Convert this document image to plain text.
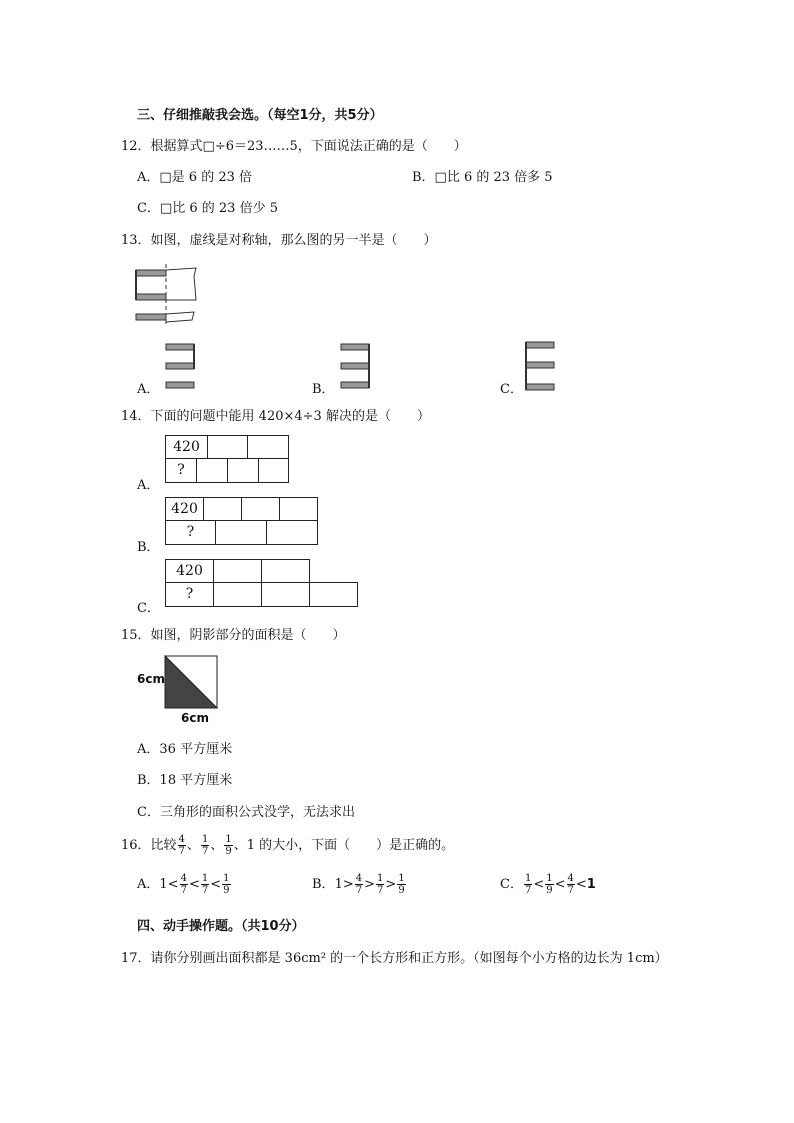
三、仔细推敲我会选。（每空1分，共5分）
12．根据算式□÷6＝23……5，下面说法正确的是（　　）
A．□是 6 的 23 倍	B．□比 6 的 23 倍多 5
C．□比 6 的 23 倍少 5
13．如图，虚线是对称轴，那么图的另一半是（　　）
A．	B．	C．
14．下面的问题中能用 420×4÷3 解决的是（　　）
A．
420
?
B．
420
?
C．
420
?
15．如图，阴影部分的面积是（　　）
6cm
6cm
A．36 平方厘米
B．18 平方厘米
C．三角形的面积公式没学，无法求出
16．比较 $\frac{4}{7}$ 、 $\frac{1}{7}$ 、 $\frac{1}{9}$ 、1 的大小，下面（　　）是正确的。
A．$1< \frac{4}{7} < \frac{1}{7} < \frac{1}{9}$	B．$1> \frac{4}{7} > \frac{1}{7} > \frac{1}{9}$	C． $\frac{1}{7} < \frac{1}{9} < \frac{4}{7} <1$
四、动手操作题。（共10分）
17．请你分别画出面积都是 36cm² 的一个长方形和正方形。（如图每个小方格的边长为 1cm）
